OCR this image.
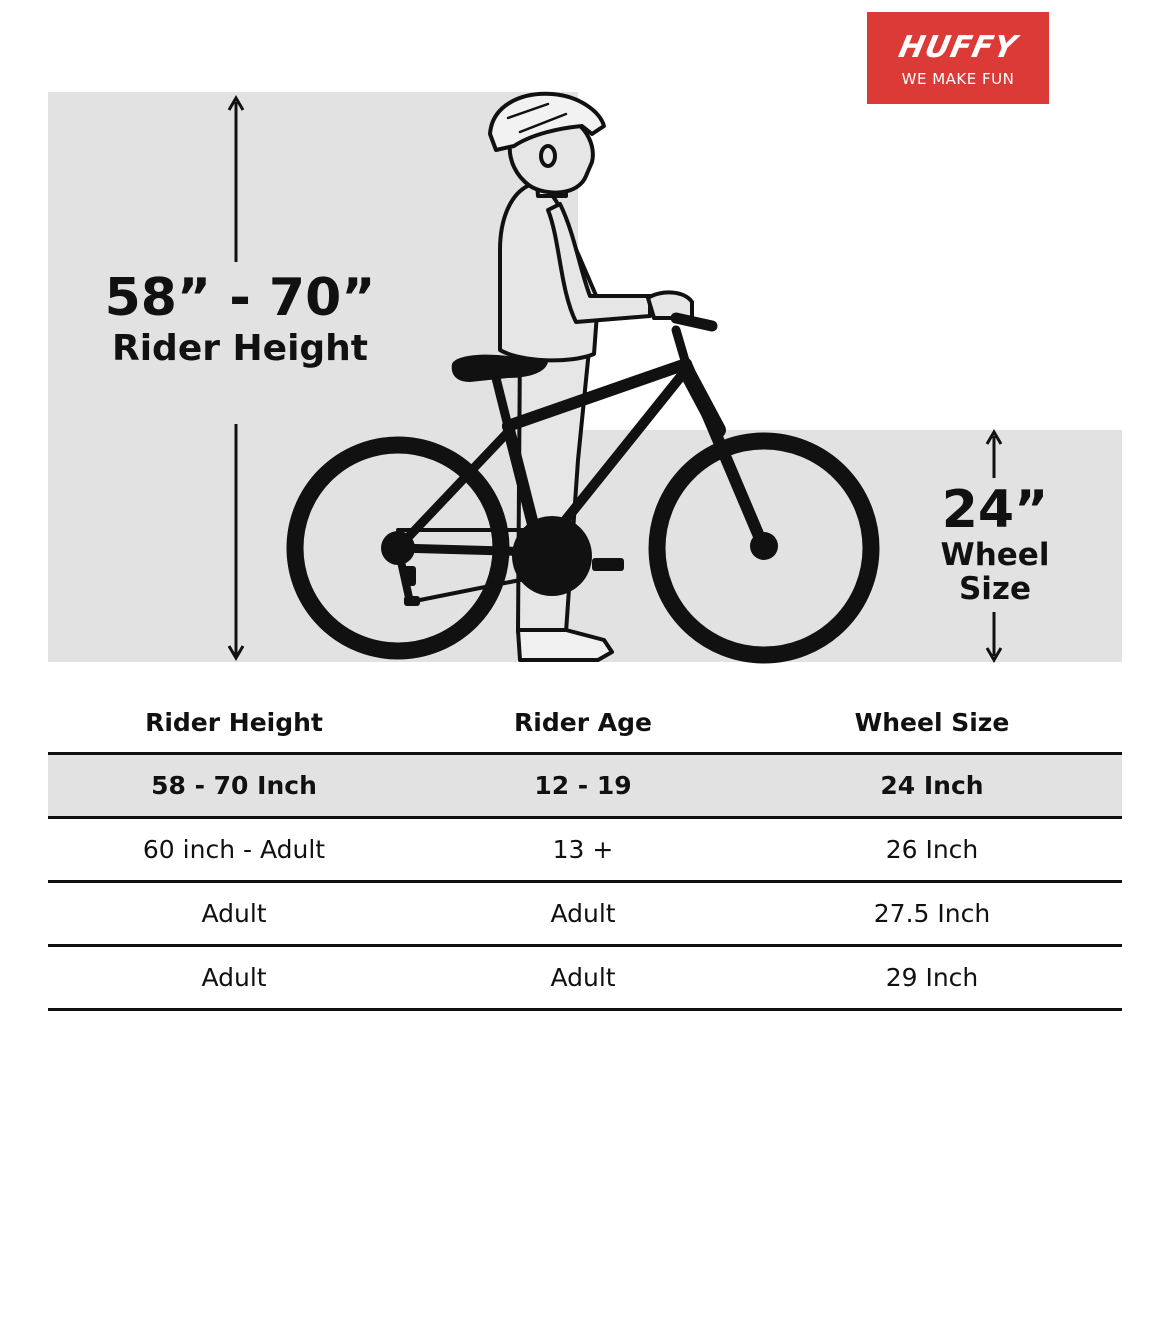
HUFFY
WE MAKE FUN
58” - 70”
Rider Height
24”
Wheel Size
Rider Height	Rider Age	Wheel Size
58 - 70 Inch	12 - 19	24 Inch
60 inch - Adult	13 +	26 Inch
Adult	Adult	27.5 Inch
Adult	Adult	29 Inch
